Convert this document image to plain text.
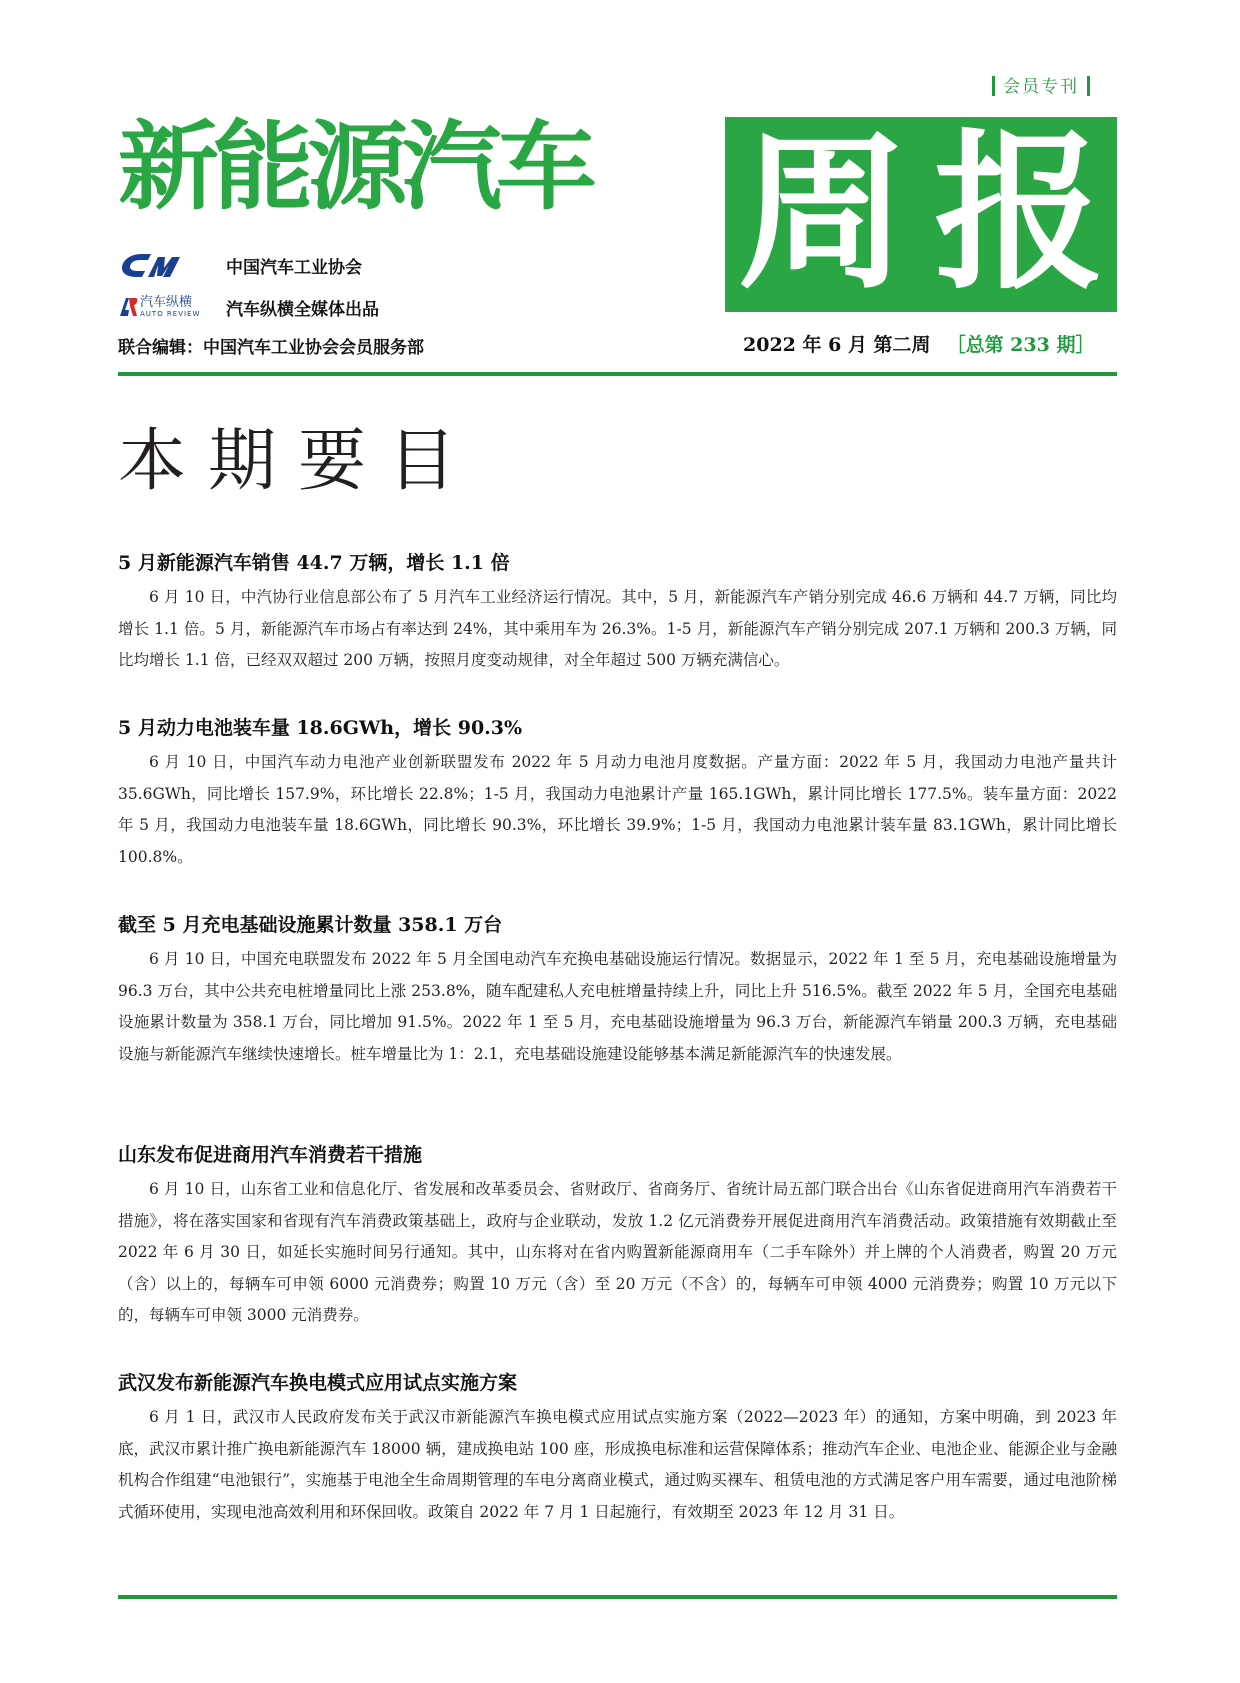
会员专刊
新能源汽车 周 报
中国汽车工业协会
汽车纵横
AUTO REVIEW 汽车纵横全媒体出品
联合编辑：中国汽车工业协会会员服务部	2022 年 6 月 第二周 ［总第 233 期］
本期要目

5 月新能源汽车销售 44.7 万辆，增长 1.1 倍

6 月 10 日，中汽协行业信息部公布了 5 月汽车工业经济运行情况。其中，5 月，新能源汽车产销分别完成 46.6 万辆和 44.7 万辆，同比均增长 1.1 倍。5 月，新能源汽车市场占有率达到 24%，其中乘用车为 26.3%。1-5 月，新能源汽车产销分别完成 207.1 万辆和 200.3 万辆，同比均增长 1.1 倍，已经双双超过 200 万辆，按照月度变动规律，对全年超过 500 万辆充满信心。

5 月动力电池装车量 18.6GWh，增长 90.3%

6 月 10 日，中国汽车动力电池产业创新联盟发布 2022 年 5 月动力电池月度数据。产量方面：2022 年 5 月，我国动力电池产量共计 35.6GWh，同比增长 157.9%，环比增长 22.8%；1-5 月，我国动力电池累计产量 165.1GWh，累计同比增长 177.5%。装车量方面：2022 年 5 月，我国动力电池装车量 18.6GWh，同比增长 90.3%，环比增长 39.9%；1-5 月，我国动力电池累计装车量 83.1GWh，累计同比增长 100.8%。

截至 5 月充电基础设施累计数量 358.1 万台

6 月 10 日，中国充电联盟发布 2022 年 5 月全国电动汽车充换电基础设施运行情况。数据显示，2022 年 1 至 5 月，充电基础设施增量为 96.3 万台，其中公共充电桩增量同比上涨 253.8%，随车配建私人充电桩增量持续上升，同比上升 516.5%。截至 2022 年 5 月，全国充电基础设施累计数量为 358.1 万台，同比增加 91.5%。2022 年 1 至 5 月，充电基础设施增量为 96.3 万台，新能源汽车销量 200.3 万辆，充电基础设施与新能源汽车继续快速增长。桩车增量比为 1：2.1，充电基础设施建设能够基本满足新能源汽车的快速发展。

山东发布促进商用汽车消费若干措施

6 月 10 日，山东省工业和信息化厅、省发展和改革委员会、省财政厅、省商务厅、省统计局五部门联合出台《山东省促进商用汽车消费若干措施》，将在落实国家和省现有汽车消费政策基础上，政府与企业联动，发放 1.2 亿元消费券开展促进商用汽车消费活动。政策措施有效期截止至 2022 年 6 月 30 日，如延长实施时间另行通知。其中，山东将对在省内购置新能源商用车（二手车除外）并上牌的个人消费者，购置 20 万元（含）以上的，每辆车可申领 6000 元消费券；购置 10 万元（含）至 20 万元（不含）的，每辆车可申领 4000 元消费券；购置 10 万元以下的，每辆车可申领 3000 元消费券。

武汉发布新能源汽车换电模式应用试点实施方案

6 月 1 日，武汉市人民政府发布关于武汉市新能源汽车换电模式应用试点实施方案（2022—2023 年）的通知，方案中明确，到 2023 年底，武汉市累计推广换电新能源汽车 18000 辆，建成换电站 100 座，形成换电标准和运营保障体系；推动汽车企业、电池企业、能源企业与金融机构合作组建“电池银行”，实施基于电池全生命周期管理的车电分离商业模式，通过购买裸车、租赁电池的方式满足客户用车需要，通过电池阶梯式循环使用，实现电池高效利用和环保回收。政策自 2022 年 7 月 1 日起施行，有效期至 2023 年 12 月 31 日。
